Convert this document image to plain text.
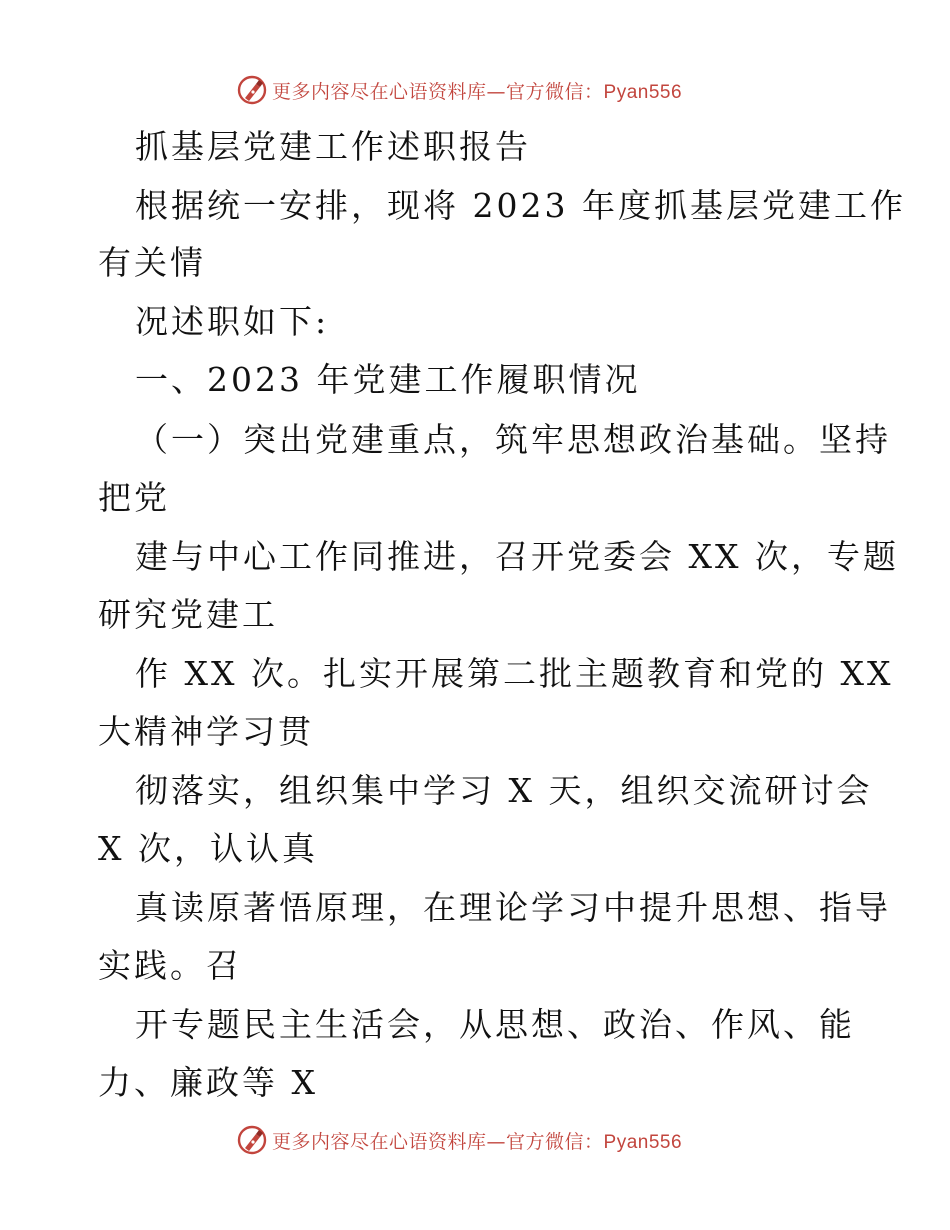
更多内容尽在心语资料库—官方微信：Pyan556
抓基层党建工作述职报告
根据统一安排，现将 2023 年度抓基层党建工作
有关情
况述职如下:
一、2023 年党建工作履职情况
（一）突出党建重点，筑牢思想政治基础。坚持
把党
建与中心工作同推进，召开党委会 XX 次，专题
研究党建工
作 XX 次。扎实开展第二批主题教育和党的 XX
大精神学习贯
彻落实，组织集中学习 X 天，组织交流研讨会
X 次，认认真
真读原著悟原理，在理论学习中提升思想、指导
实践。召
开专题民主生活会，从思想、政治、作风、能
力、廉政等 X
更多内容尽在心语资料库—官方微信：Pyan556
